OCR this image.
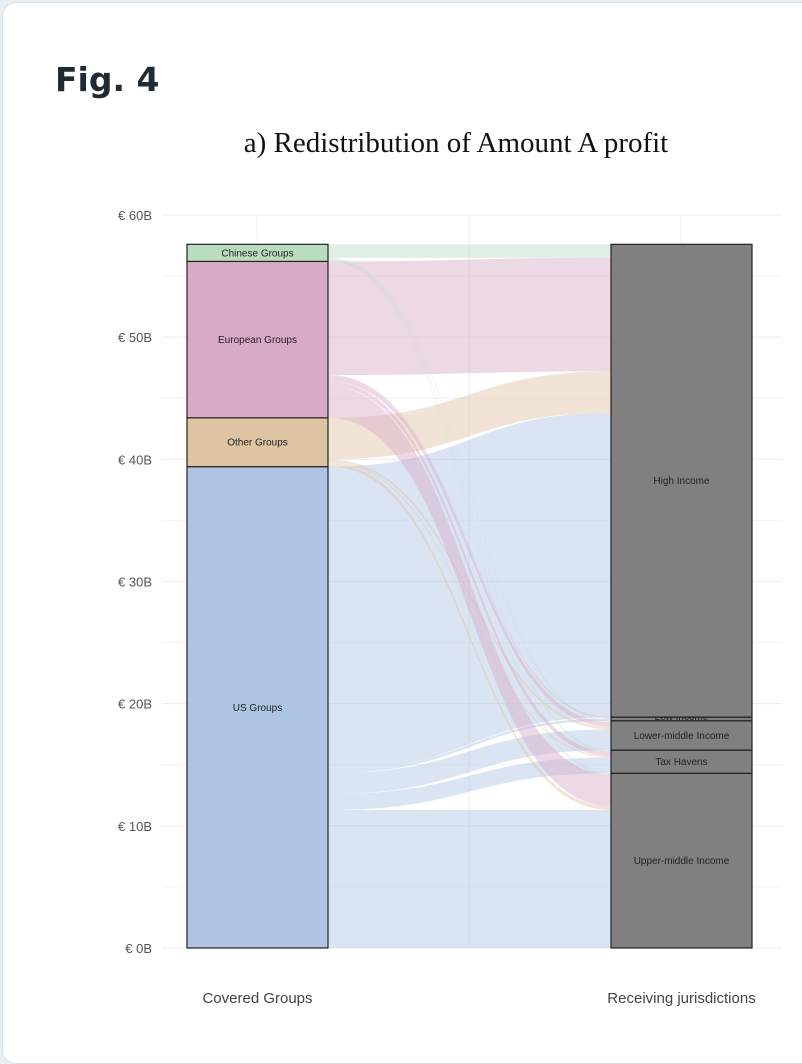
Fig. 4
a) Redistribution of Amount A profit
US Groups
Other Groups
European Groups
Chinese Groups
Upper-middle Income
Tax Havens
Lower-middle Income
High Income
€ 0B
€ 10B
€ 20B
€ 30B
€ 40B
€ 50B
€ 60B
Covered Groups	Receiving jurisdictions
